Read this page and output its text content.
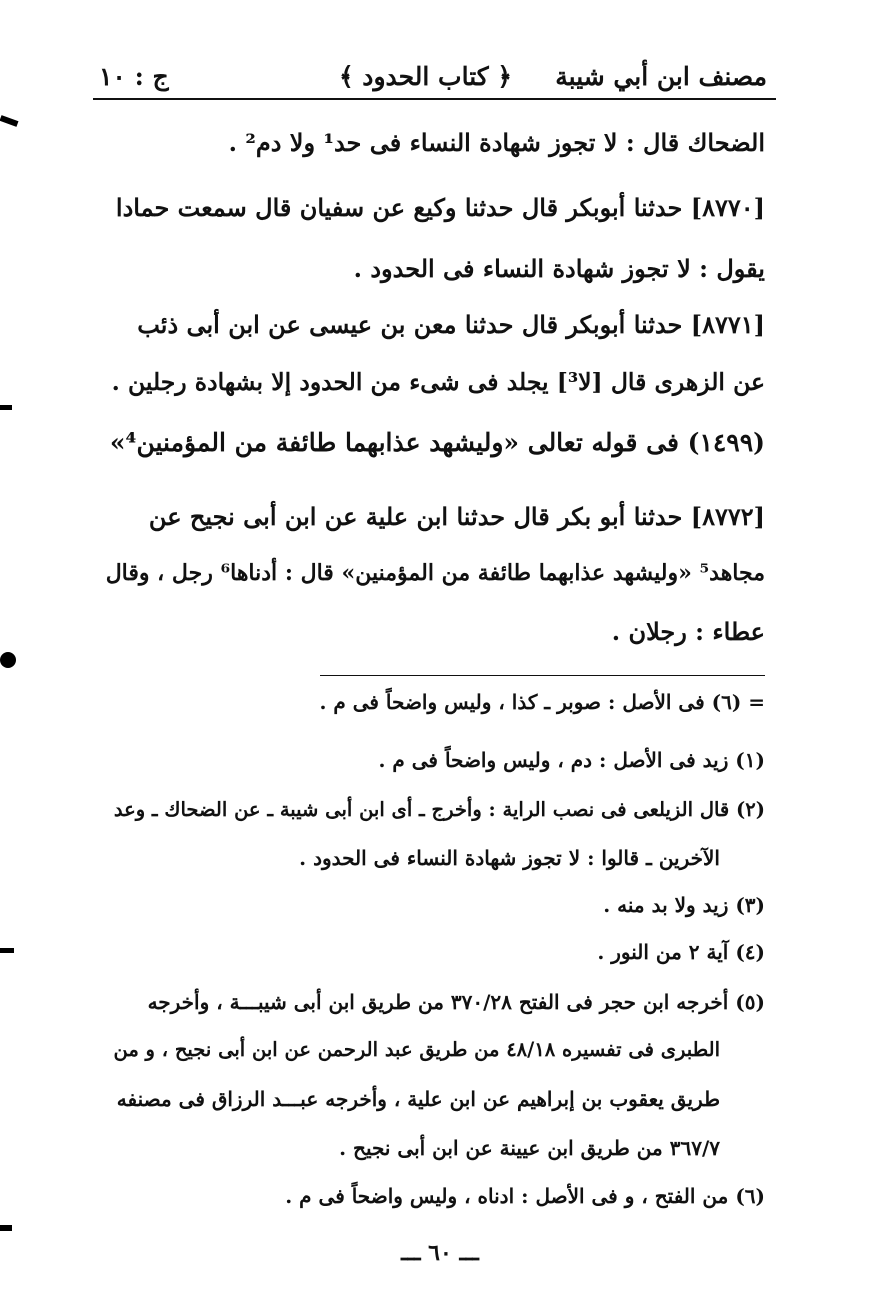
مصنف ابن أبي شيبة
﴿ كتاب الحدود ﴾
ج : ١٠
الضحاك قال : لا تجوز شهادة النساء فى حد¹ ولا دم² .
[٨٧٧٠] حدثنا أبوبكر قال حدثنا وكيع عن سفيان قال سمعت حمادا
يقول : لا تجوز شهادة النساء فى الحدود .
[٨٧٧١] حدثنا أبوبكر قال حدثنا معن بن عيسى عن ابن أبى ذئب
عن الزهرى قال [لا³] يجلد فى شىء من الحدود إلا بشهادة رجلين .
(١٤٩٩) فى قوله تعالى «وليشهد عذابهما طائفة من المؤمنين⁴»
[٨٧٧٢] حدثنا أبو بكر قال حدثنا ابن علية عن ابن أبى نجيح عن
مجاهد⁵ «وليشهد عذابهما طائفة من المؤمنين» قال : أدناها⁶ رجل ، وقال
عطاء : رجلان .
= (٦) فى الأصل : صوبر ـ كذا ، وليس واضحاً فى م .
(١) زيد فى الأصل : دم ، وليس واضحاً فى م .
(٢) قال الزيلعى فى نصب الراية : وأخرج ـ أى ابن أبى شيبة ـ عن الضحاك ـ وعد
الآخرين ـ قالوا : لا تجوز شهادة النساء فى الحدود .
(٣) زيد ولا بد منه .
(٤) آية ٢ من النور .
(٥) أخرجه ابن حجر فى الفتح ٣٧٠/٢٨ من طريق ابن أبى شيبـــة ، وأخرجه
الطبرى فى تفسيره ٤٨/١٨ من طريق عبد الرحمن عن ابن أبى نجيح ، و من
طريق يعقوب بن إبراهيم عن ابن علية ، وأخرجه عبـــد الرزاق فى مصنفه
٣٦٧/٧ من طريق ابن عيينة عن ابن أبى نجيح .
(٦) من الفتح ، و فى الأصل : ادناه ، وليس واضحاً فى م .
ـــ ٦٠ ـــ
